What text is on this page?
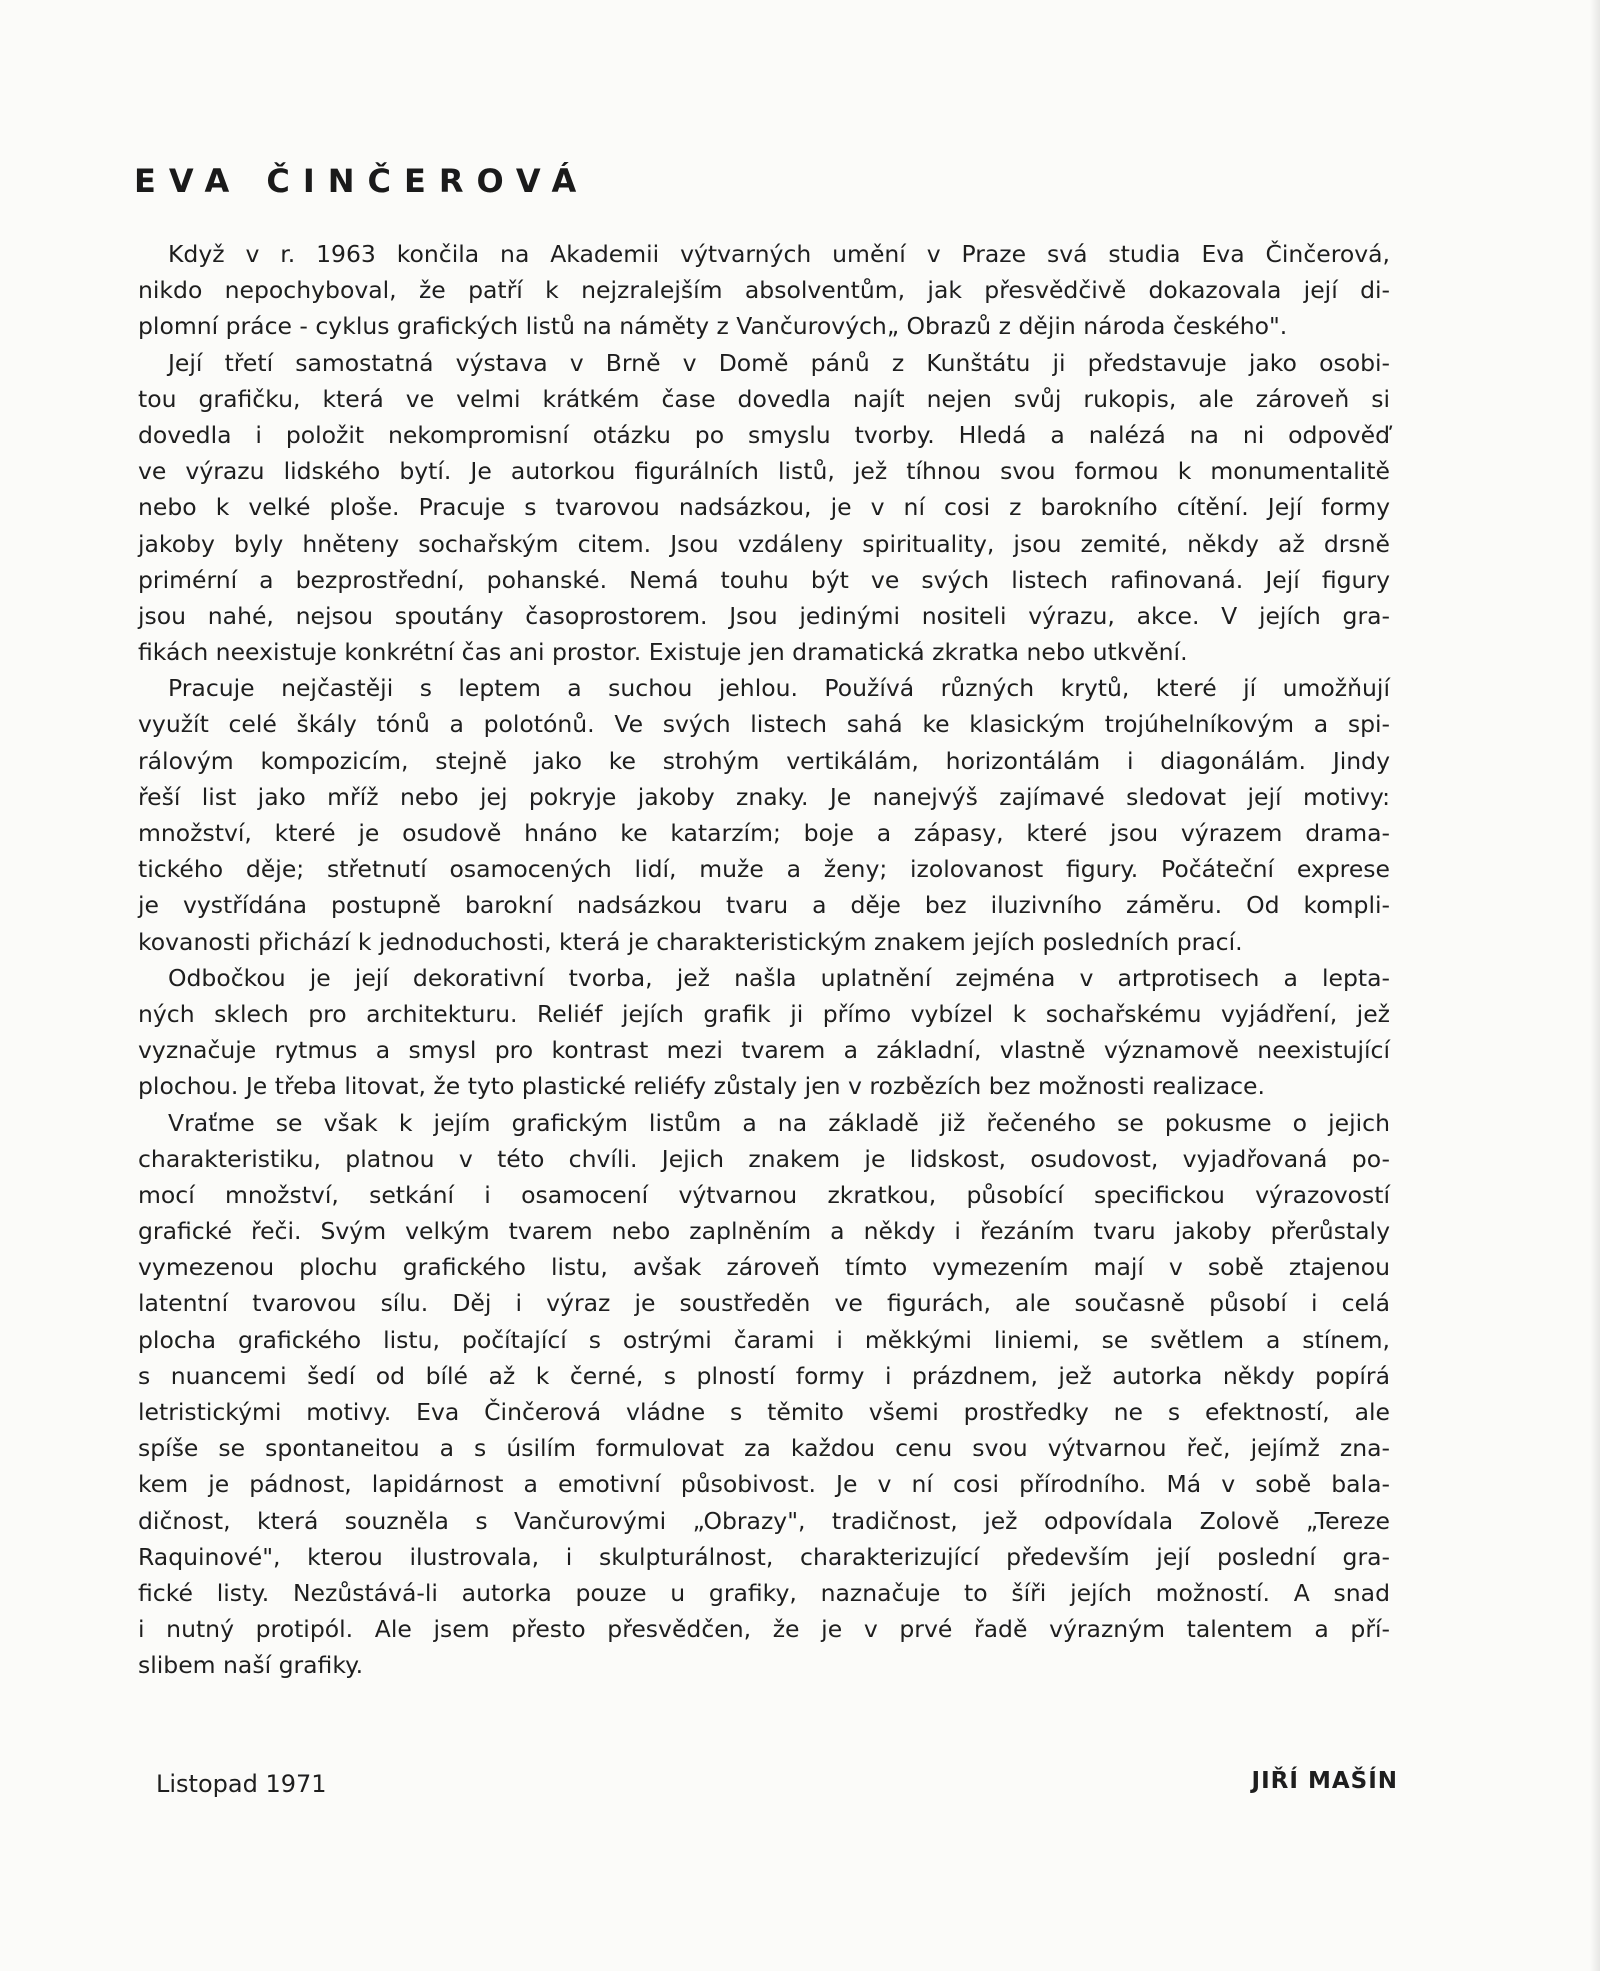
EVA ČINČEROVÁ
Když v r. 1963 končila na Akademii výtvarných umění v Praze svá studia Eva Činčerová,
nikdo nepochyboval, že patří k nejzralejším absolventům, jak přesvědčivě dokazovala její di-
plomní práce - cyklus grafických listů na náměty z Vančurových„ Obrazů z dějin národa českého".
Její třetí samostatná výstava v Brně v Domě pánů z Kunštátu ji představuje jako osobi-
tou grafičku, která ve velmi krátkém čase dovedla najít nejen svůj rukopis, ale zároveň si
dovedla i položit nekompromisní otázku po smyslu tvorby. Hledá a nalézá na ni odpověď
ve výrazu lidského bytí. Je autorkou figurálních listů, jež tíhnou svou formou k monumentalitě
nebo k velké ploše. Pracuje s tvarovou nadsázkou, je v ní cosi z barokního cítění. Její formy
jakoby byly hněteny sochařským citem. Jsou vzdáleny spirituality, jsou zemité, někdy až drsně
primérní a bezprostřední, pohanské. Nemá touhu být ve svých listech rafinovaná. Její figury
jsou nahé, nejsou spoutány časoprostorem. Jsou jedinými nositeli výrazu, akce. V jejích gra-
fikách neexistuje konkrétní čas ani prostor. Existuje jen dramatická zkratka nebo utkvění.
Pracuje nejčastěji s leptem a suchou jehlou. Používá různých krytů, které jí umožňují
využít celé škály tónů a polotónů. Ve svých listech sahá ke klasickým trojúhelníkovým a spi-
rálovým kompozicím, stejně jako ke strohým vertikálám, horizontálám i diagonálám. Jindy
řeší list jako mříž nebo jej pokryje jakoby znaky. Je nanejvýš zajímavé sledovat její motivy:
množství, které je osudově hnáno ke katarzím; boje a zápasy, které jsou výrazem drama-
tického děje; střetnutí osamocených lidí, muže a ženy; izolovanost figury. Počáteční exprese
je vystřídána postupně barokní nadsázkou tvaru a děje bez iluzivního záměru. Od kompli-
kovanosti přichází k jednoduchosti, která je charakteristickým znakem jejích posledních prací.
Odbočkou je její dekorativní tvorba, jež našla uplatnění zejména v artprotisech a lepta-
ných sklech pro architekturu. Reliéf jejích grafik ji přímo vybízel k sochařskému vyjádření, jež
vyznačuje rytmus a smysl pro kontrast mezi tvarem a základní, vlastně významově neexistující
plochou. Je třeba litovat, že tyto plastické reliéfy zůstaly jen v rozbězích bez možnosti realizace.
Vraťme se však k jejím grafickým listům a na základě již řečeného se pokusme o jejich
charakteristiku, platnou v této chvíli. Jejich znakem je lidskost, osudovost, vyjadřovaná po-
mocí množství, setkání i osamocení výtvarnou zkratkou, působící specifickou výrazovostí
grafické řeči. Svým velkým tvarem nebo zaplněním a někdy i řezáním tvaru jakoby přerůstaly
vymezenou plochu grafického listu, avšak zároveň tímto vymezením mají v sobě ztajenou
latentní tvarovou sílu. Děj i výraz je soustředěn ve figurách, ale současně působí i celá
plocha grafického listu, počítající s ostrými čarami i měkkými liniemi, se světlem a stínem,
s nuancemi šedí od bílé až k černé, s plností formy i prázdnem, jež autorka někdy popírá
letristickými motivy. Eva Činčerová vládne s těmito všemi prostředky ne s efektností, ale
spíše se spontaneitou a s úsilím formulovat za každou cenu svou výtvarnou řeč, jejímž zna-
kem je pádnost, lapidárnost a emotivní působivost. Je v ní cosi přírodního. Má v sobě bala-
dičnost, která souzněla s Vančurovými „Obrazy", tradičnost, jež odpovídala Zolově „Tereze
Raquinové", kterou ilustrovala, i skulpturálnost, charakterizující především její poslední gra-
fické listy. Nezůstává-li autorka pouze u grafiky, naznačuje to šíři jejích možností. A snad
i nutný protipól. Ale jsem přesto přesvědčen, že je v prvé řadě výrazným talentem a pří-
slibem naší grafiky.
Listopad 1971	JIŘÍ MAŠÍN
